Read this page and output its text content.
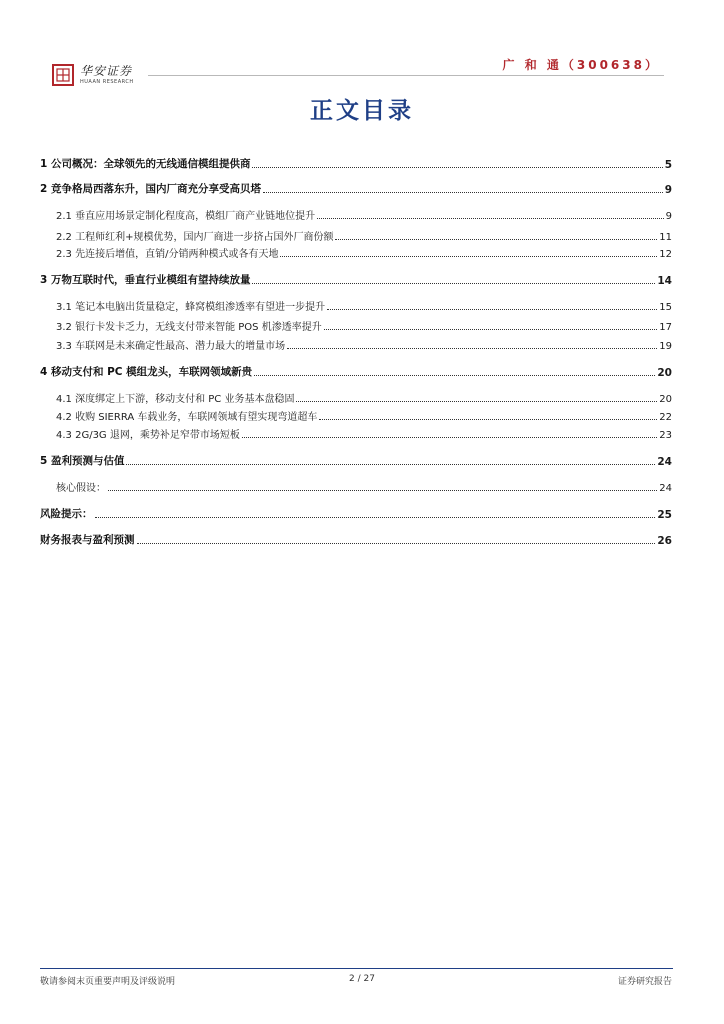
华安证券
HUAAN RESEARCH
广 和 通（300638）
正文目录
1 公司概况：全球领先的无线通信模组提供商	5
2 竞争格局西落东升，国内厂商充分享受高贝塔	9
2.1 垂直应用场景定制化程度高，模组厂商产业链地位提升	9
2.2 工程师红利+规模优势，国内厂商进一步挤占国外厂商份额	11
2.3 先连接后增值，直销/分销两种模式或各有天地	12
3 万物互联时代，垂直行业模组有望持续放量	14
3.1 笔记本电脑出货量稳定，蜂窝模组渗透率有望进一步提升	15
3.2 银行卡发卡乏力，无线支付带来智能 POS 机渗透率提升	17
3.3 车联网是未来确定性最高、潜力最大的增量市场	19
4 移动支付和 PC 模组龙头，车联网领域新贵	20
4.1 深度绑定上下游，移动支付和 PC 业务基本盘稳固	20
4.2 收购 SIERRA 车载业务，车联网领域有望实现弯道超车	22
4.3 2G/3G 退网，乘势补足窄带市场短板	23
5 盈利预测与估值	24
核心假设：	24
风险提示：	25
财务报表与盈利预测	26
敬请参阅末页重要声明及评级说明	2 / 27	证券研究报告
